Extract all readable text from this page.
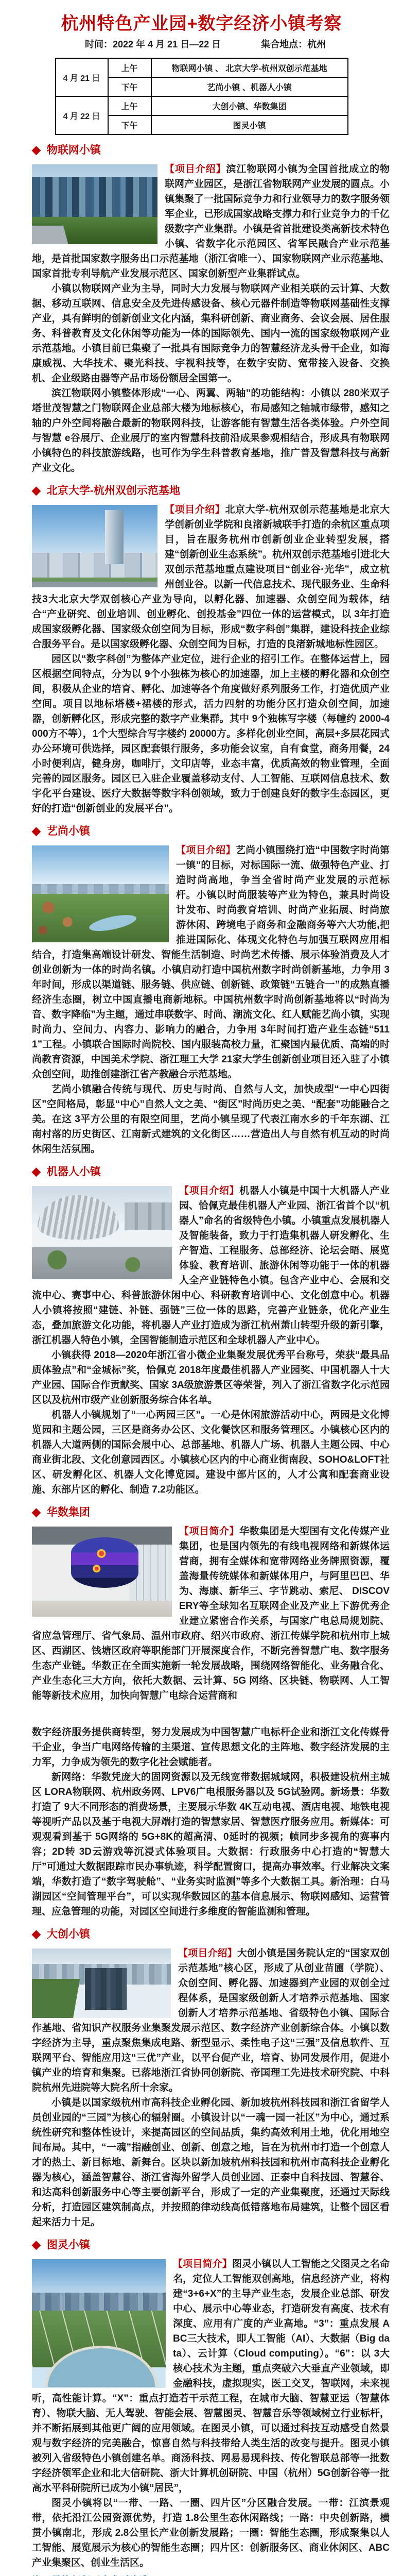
杭州特色产业园+数字经济小镇考察
时间：2022 年 4 月 21 日—22 日	集合地点：杭州
4 月 21 日	上午	物联网小镇 、 北京大学-杭州双创示范基地
	下午	艺尚小镇 、机器人小镇
4 月 22 日	上午	大创小镇、华数集团
	下午	图灵小镇
◆ 物联网小镇

【项目介绍】滨江物联网小镇为全国首批成立的物联网产业园区，是浙江省物联网产业发展的圆点。小镇集聚了一批国际竞争力和行业领导力的数字服务领军企业，已形成国家战略支撑力和行业竞争力的千亿级数字产业集群。小镇是省首批建设类高新技术特色小镇、省数字化示范园区、省军民融合产业示范基地，是首批国家数字服务出口示范基地（浙江省唯一）、国家物联网产业示范基地、国家首批专利导航产业发展示范区、国家创新型产业集群试点。

小镇以物联网产业为主导，同时大力发展与物联网产业相关联的云计算、大数据、移动互联网、信息安全及先进传感设备、核心元器件制造等物联网基础性支撑产业，具有鲜明的创新创业文化内涵，集科研创新、商业商务、会议会展、居住服务、科普教育及文化休闲等功能为一体的国际领先、国内一流的国家级物联网产业示范基地。小镇目前已集聚了一批具有国际竞争力的智慧经济龙头骨干企业，如海康威视、大华技术、聚光科技、宇视科技等，在数字安防、宽带接入设备、交换机、企业级路由器等产品市场份额居全国第一。

滨江物联网小镇整体形成“一心、两翼、两轴”的功能结构：小镇以 280米双子塔世茂智慧之门物联网企业总部大楼为地标核心，布局感知之轴城市绿带，感知之轴的户外空间将融合最新的物联网科技，让游客能有智慧生活各类体验。户外空间与智慧 e谷展厅、企业展厅的室内智慧科技前沿成果参观相结合，形成具有物联网小镇特色的科技旅游线路，也可作为学生科普教育基地，推广普及智慧科技与高新产业文化。

◆ 北京大学-杭州双创示范基地

【项目介绍】北京大学-杭州双创示范基地是北京大学创新创业学院和良渚新城联手打造的余杭区重点项目，旨在服务杭州市创新创业企业转型发展，搭建“创新创业生态系统”。杭州双创示范基地引进北大双创示范基地重点建设项目“创业谷·光华”，成立杭州创业谷。以新一代信息技术、现代服务业、生命科技3大北京大学双创核心产业为导向，以孵化器、加速器、众创空间为载体，结合“产业研究、创业培训、创业孵化、创投基金”四位一体的运营模式，以 3年打造成国家级孵化器、国家级众创空间为目标，形成“数字科创”集群，建设科技企业综合服务平台。是以国家级孵化器、众创空间为目标，打造的良渚新城地标性园区。

园区以“数字科创”为整体产业定位，进行企业的招引工作。在整体运营上，园区根据空间特点，分为以 9个小独栋为核心的加速器，加上主楼的孵化器和众创空间，积极从企业的培育、孵化、加速等各个角度做好系列服务工作，打造优质产业空间。项目以地标塔楼+裙楼的形式，活力四射的功能分区打造众创空间，加速器，创新孵化区，形成完整的数字产业集群。其中 9个独栋写字楼（每幢约 2000-4000方不等），1个大型综合写字楼约 20000方。多样化创业空间，高层+多层花园式办公环境可供选择，园区配套银行服务，多功能会议室，自有食堂，商务用餐，24小时便利店，健身房，咖啡厅，文印店等，业态丰富，优质高效的物业管理，全面完善的园区服务。园区已入驻企业覆盖移动支付、人工智能、互联网信息技术、数字化平台建设、医疗大数据等数字科创领域，致力于创建良好的数字生态园区，更好的打造“创新创业的发展平台”。

◆ 艺尚小镇

【项目介绍】艺尚小镇围绕打造“中国数字时尚第一镇”的目标，对标国际一流、做强特色产业、打造时尚高地，争当全省时尚产业发展的示范标杆。小镇以时尚服装等产业为特色，兼具时尚设计发布、时尚教育培训、时尚产业拓展、时尚旅游休闲、跨境电子商务和金融商务等六大功能,把推进国际化、体现文化特色与加强互联网应用相结合，打造集高端设计研发、智能生活制造、时尚艺术传播、展示体验消费及人才创业创新为一体的时尚名镇。小镇启动打造中国杭州数字时尚创新基地，力争用 3年时间，形成以渠道链、服务链、供应链、创新链、政策链“五链合一”的成熟直播经济生态圈，树立中国直播电商新地标。中国杭州数字时尚创新基地将以“时尚为音、数字降临”为主题，通过串联数字、时尚、潮流文化、红人赋能艺尚小镇，实现时尚力、空间力、内容力、影响力的融合，力争用 3年时间打造产业生态链“5111”工程。小镇联合国际时尚院校、国内服装高校力量，汇聚国内最优质、高端的时尚教育资源，中国美术学院、浙江理工大学 21家大学生创新创业项目还入驻了小镇众创空间，助推创建浙江省产教融合示范基地。

艺尚小镇融合传统与现代、历史与时尚、自然与人文，加快成型“一中心四街区”空间格局，彰显“中心”自然人文之美、“街区”时尚历史之美、“配套”功能融合之美。在这 3平方公里的有限空间里，艺尚小镇呈现了代表江南水乡的千年东湖、江南村落的历史街区、江南新式建筑的文化街区……营造出人与自然有机互动的时尚休闲生活氛围。

◆ 机器人小镇

【项目介绍】机器人小镇是中国十大机器人产业园、恰佩克最佳机器人产业园、浙江省首个以“机器人”命名的省级特色小镇。小镇重点发展机器人及智能装备，致力于打造集机器人研发孵化、生产智造、工程服务、总部经济、论坛会晤、展览体验、教育培训、旅游休闲等功能于一体的机器人全产业链特色小镇。包含产业中心、会展和交流中心、赛事中心、科普旅游休闲中心、科研教育培训中心、文化创意中心。机器人小镇将按照“建链、补链、强链”三位一体的思路，完善产业链条，优化产业生态，叠加旅游文化功能，将机器人产业打造成为浙江杭州萧山转型升级的新引擎，浙江机器人特色小镇，全国智能制造示范区和全球机器人产业中心。

小镇获得 2018—2020年浙江省小微企业集聚发展优秀平台称号，荣获“最具品质体验点”和“金城标”奖，恰佩克 2018年度最佳机器人产业园奖、中国机器人十大产业园、国际合作贡献奖、国家 3A级旅游景区等荣誉，列入了浙江省数字化示范园区以及杭州市级产业创新服务综合体名单。

机器人小镇规划了“一心两园三区”。一心是休闲旅游活动中心，两园是文化博览园和主题公园，三区是商务办公区、文化餐饮区和服务管理区。小镇核心区内的机器人大道两侧的国际会展中心、总部基地、机器人广场、机器人主题公园、中心商业街北段、文化创意园西区。小镇核心区内的中心商业街南段、SOHO&LOFT社区、研发孵化区、机器人文化博览园。建设中部片区的，人才公寓和配套商业设施、东部片区的孵化、制造 7.2功能区。

◆ 华数集团

【项目简介】华数集团是大型国有文化传媒产业集团，也是国内领先的有线电视网络和新媒体运营商，拥有全媒体和宽带网络业务牌照资源，覆盖海量传统媒体和新媒体用户，与阿里巴巴、华为、海康、新华三、字节跳动、索尼、 DISCOVERY等全球知名互联网企业及产业上下游优秀企业建立紧密合作关系，与国家广电总局规划院、省应急管理厅、省气象局、温州市政府、绍兴市政府、浙江传媒学院和杭州市上城区、西湖区、钱塘区政府等职能部门开展深度合作，不断完善智慧广电、数字服务生态产业链。华数正在全面实施新一轮发展战略，围绕网络智能化、业务融合化、产业生态化三大方向，依托大数据、云计算、5G 网络、区块链、物联网、人工智能等新技术应用，加快向智慧广电综合运营商和

数字经济服务提供商转型，努力发展成为中国智慧广电标杆企业和浙江文化传媒骨干企业，争当广电网络传输的主渠道、宣传思想文化的主阵地、数字经济发展的主力军，力争成为领先的数字化社会赋能者。

新网络：华数凭庞大的固网资源以及无线宽带数据城域网，积极建设杭州主城区 LORA物联网、杭州政务网、LPV6广电根服务器以及 5G试验网。新场景：华数打造了 9大不同形态的消费场景，主要展示华数 4K互动电视、酒店电视、地铁电视等视听产品以及基于电视大屏端打造的智慧家居、智慧医疗服务应用。新媒体：可观观看到基于 5G网络的 5G+8K的超高清、0延时的视频；帧同步多视角的赛事内容；2D转 3D云游戏等沉浸式体验项目。大数据：行政服务中心打造的“智慧大厅”可通过大数据跟踪市民办事轨迹，科学配置窗口，提高办事效率。行业解决文案端，华数打造了“数字驾驶舱”、“业务实时监测”等多个大数据工具。新治理：白马湖园区“空间管理平台”，可以实现华数园区的基本信息展示、物联网感知、运营管理、应急管理的功能，对园区空间进行多维度的智能监测和管理。

◆ 大创小镇

【项目介绍】大创小镇是国务院认定的“国家双创示范基地”核心区，形成了从创业苗圃（学院）、众创空间、孵化器、加速器到产业园的双创全过程体系，是国家级创新人才培养示范基地、国家创新人才培养示范基地、省级特色小镇、国际合作基地、省知识产权服务业集聚发展示范区、数字经济产业创新综合体。小镇以数字经济为主导，重点聚焦集成电路、新型显示、柔性电子这“三强”及信息软件、互联网平台、智能应用这“三优”产业，以平台促产业，培育、协同发展作用，促进小镇产业的培育和集聚。已落地浙江省协同创新院、帝国理工先进技术研究院、中科院杭州先进院等大院名所十余家。

小镇是以国家级杭州市高科技企业孵化园、新加坡杭州科技园和浙江省留学人员创业园的“三园”为核心的辐射圈。小镇设计以“一魂一园一社区”为中心，通过系统性研究和整体性设计，来提高园区的空间品质，集约高效利用土地，优化用地空间布局。其中，“一魂”指融创业、创新、创意之地，旨在为杭州市打造一个创意人才的热土、新目标地、新舞台。区块以新加坡杭州科技园和杭州市高科技企业孵化器为核心，涵盖智慧谷、浙江省海外留学人员创业园、正泰中自科技园、智慧谷、和达高科创新服务中心等主要创新平台，形成了一定的产业集聚度，还通过天际线分析，打造园区建筑制高点，并按照韵律动线高低错落地布局建筑，让整个园区看起来活力十足。

◆ 图灵小镇

【项目简介】图灵小镇以人工智能之父图灵之名命名，定位人工智能双创高地，信息经济产业，将构建“3+6+X”的主导产业生态，发展企业总部、研发中心、展示中心等业态，打造研发有高度、技术有深度、应用有广度的产业高地。“3”：重点发展 ABC三大技术，即人工智能（AI）、大数据（Big data）、云计算（Cloud computing）。“6”：以 3大核心技术为主题，重点突破六大垂直产业领域，即金融科技，虚拟现实，医工交叉，智联网，未来视听，高性能计算。“X”：重点打造若干示范工程，在城市大脑、智慧亚运（智慧体育）、物联大脑、无人驾驶、智能会展、智慧图灵、智慧音乐等领域树立行业标杆，并不断拓展到其他更广阔的应用领域。在图灵小镇，可以通过科技互动感受自然景观与数字经济的完美融合，惊喜自然与科技带给人类生活的改变与提升。图灵小镇被列入省级特色小镇创建名单。商汤科技、网易易现科技、传化智联总部等一批数字经济领军企业和北大信研院、浙大计算机创研院、中国（杭州）5G创新谷等一批高水平科研院所已成为小镇“居民”，

图灵小镇将以“一带、一路、一圈、四片区”分区融合发展。一带：江滨景观带，依托沿江公园资源优势，打造 1.8公里生态休闲路线；一路：中央创新路，横贯小镇南北，形成 2.8公里长产业创新发展路；一圈：智能生态圈，形成聚集以人工智能、展览展示为核心的智能生态圈；四片区：创新服务区、商业休闲区、ABC 产业集聚区、创业生活区。
